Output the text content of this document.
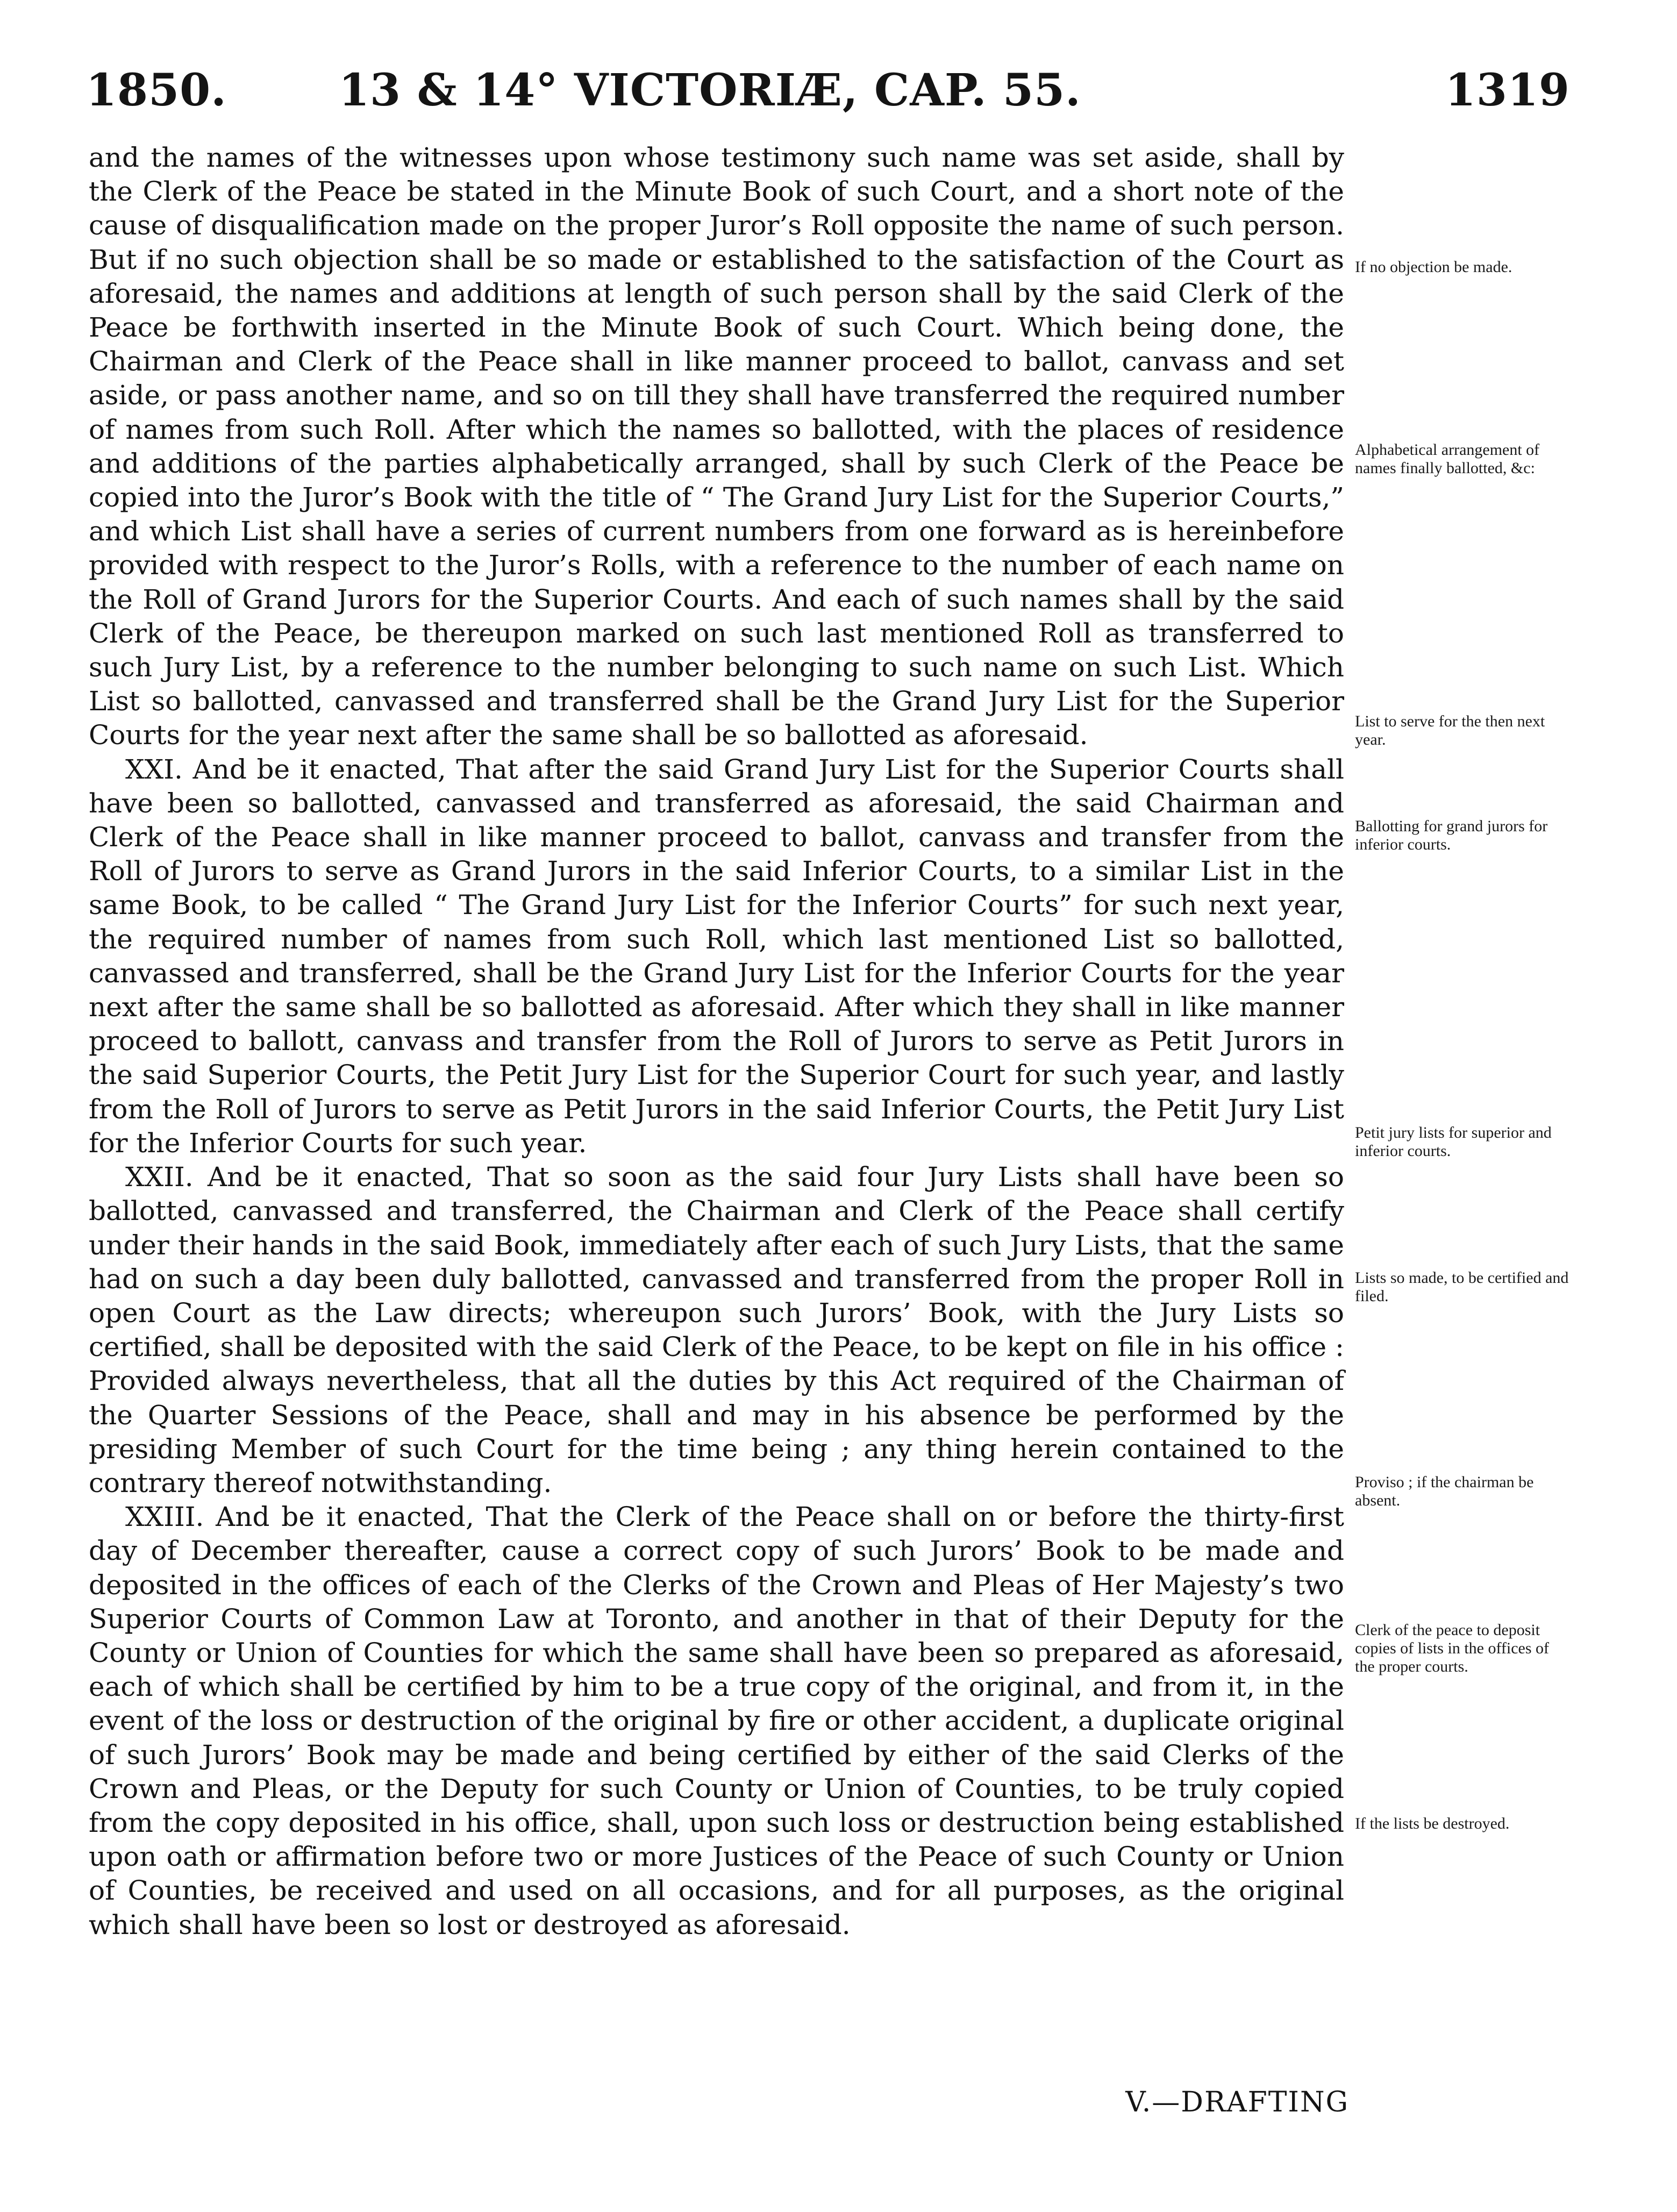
1850.	13 & 14° VICTORIÆ, CAP. 55.	1319

and the names of the witnesses upon whose testimony such name was set aside, shall by the Clerk of the Peace be stated in the Minute Book of such Court, and a short note of the cause of disqualification made on the proper Juror’s Roll opposite the name of such person. But if no such objection shall be so made or established to the satisfaction of the Court as aforesaid, the names and additions at length of such person shall by the said Clerk of the Peace be forthwith inserted in the Minute Book of such Court. Which being done, the Chairman and Clerk of the Peace shall in like manner proceed to ballot, canvass and set aside, or pass another name, and so on till they shall have transferred the required number of names from such Roll. After which the names so ballotted, with the places of residence and additions of the parties alphabetically arranged, shall by such Clerk of the Peace be copied into the Juror’s Book with the title of “ The Grand Jury List for the Superior Courts,” and which List shall have a series of current numbers from one forward as is hereinbefore provided with respect to the Juror’s Rolls, with a reference to the number of each name on the Roll of Grand Jurors for the Superior Courts. And each of such names shall by the said Clerk of the Peace, be thereupon marked on such last mentioned Roll as transferred to such Jury List, by a reference to the number belonging to such name on such List. Which List so ballotted, canvassed and transferred shall be the Grand Jury List for the Superior Courts for the year next after the same shall be so ballotted as aforesaid.

XXI. And be it enacted, That after the said Grand Jury List for the Superior Courts shall have been so ballotted, canvassed and transferred as aforesaid, the said Chairman and Clerk of the Peace shall in like manner proceed to ballot, canvass and transfer from the Roll of Jurors to serve as Grand Jurors in the said Inferior Courts, to a similar List in the same Book, to be called “ The Grand Jury List for the Inferior Courts” for such next year, the required number of names from such Roll, which last mentioned List so ballotted, canvassed and transferred, shall be the Grand Jury List for the Inferior Courts for the year next after the same shall be so ballotted as aforesaid. After which they shall in like manner proceed to ballott, canvass and transfer from the Roll of Jurors to serve as Petit Jurors in the said Superior Courts, the Petit Jury List for the Superior Court for such year, and lastly from the Roll of Jurors to serve as Petit Jurors in the said Inferior Courts, the Petit Jury List for the Inferior Courts for such year.

XXII. And be it enacted, That so soon as the said four Jury Lists shall have been so ballotted, canvassed and transferred, the Chairman and Clerk of the Peace shall certify under their hands in the said Book, immediately after each of such Jury Lists, that the same had on such a day been duly ballotted, canvassed and transferred from the proper Roll in open Court as the Law directs; whereupon such Jurors’ Book, with the Jury Lists so certified, shall be deposited with the said Clerk of the Peace, to be kept on file in his office : Provided always nevertheless, that all the duties by this Act required of the Chairman of the Quarter Sessions of the Peace, shall and may in his absence be performed by the presiding Member of such Court for the time being ; any thing herein contained to the contrary thereof notwithstanding.

XXIII. And be it enacted, That the Clerk of the Peace shall on or before the thirty-first day of December thereafter, cause a correct copy of such Jurors’ Book to be made and deposited in the offices of each of the Clerks of the Crown and Pleas of Her Majesty’s two Superior Courts of Common Law at Toronto, and another in that of their Deputy for the County or Union of Counties for which the same shall have been so prepared as aforesaid, each of which shall be certified by him to be a true copy of the original, and from it, in the event of the loss or destruction of the original by fire or other accident, a duplicate original of such Jurors’ Book may be made and being certified by either of the said Clerks of the Crown and Pleas, or the Deputy for such County or Union of Counties, to be truly copied from the copy deposited in his office, shall, upon such loss or destruction being established upon oath or affirmation before two or more Justices of the Peace of such County or Union of Counties, be received and used on all occasions, and for all purposes, as the original which shall have been so lost or destroyed as aforesaid.

If no objection be made.
Alphabetical arrangement of names finally ballotted, &c:
List to serve for the then next year.
Ballotting for grand jurors for inferior courts.
Petit jury lists for superior and inferior courts.
Lists so made, to be certified and filed.
Proviso ; if the chairman be absent.
Clerk of the peace to deposit copies of lists in the offices of the proper courts.
If the lists be destroyed.
V.—DRAFTING
